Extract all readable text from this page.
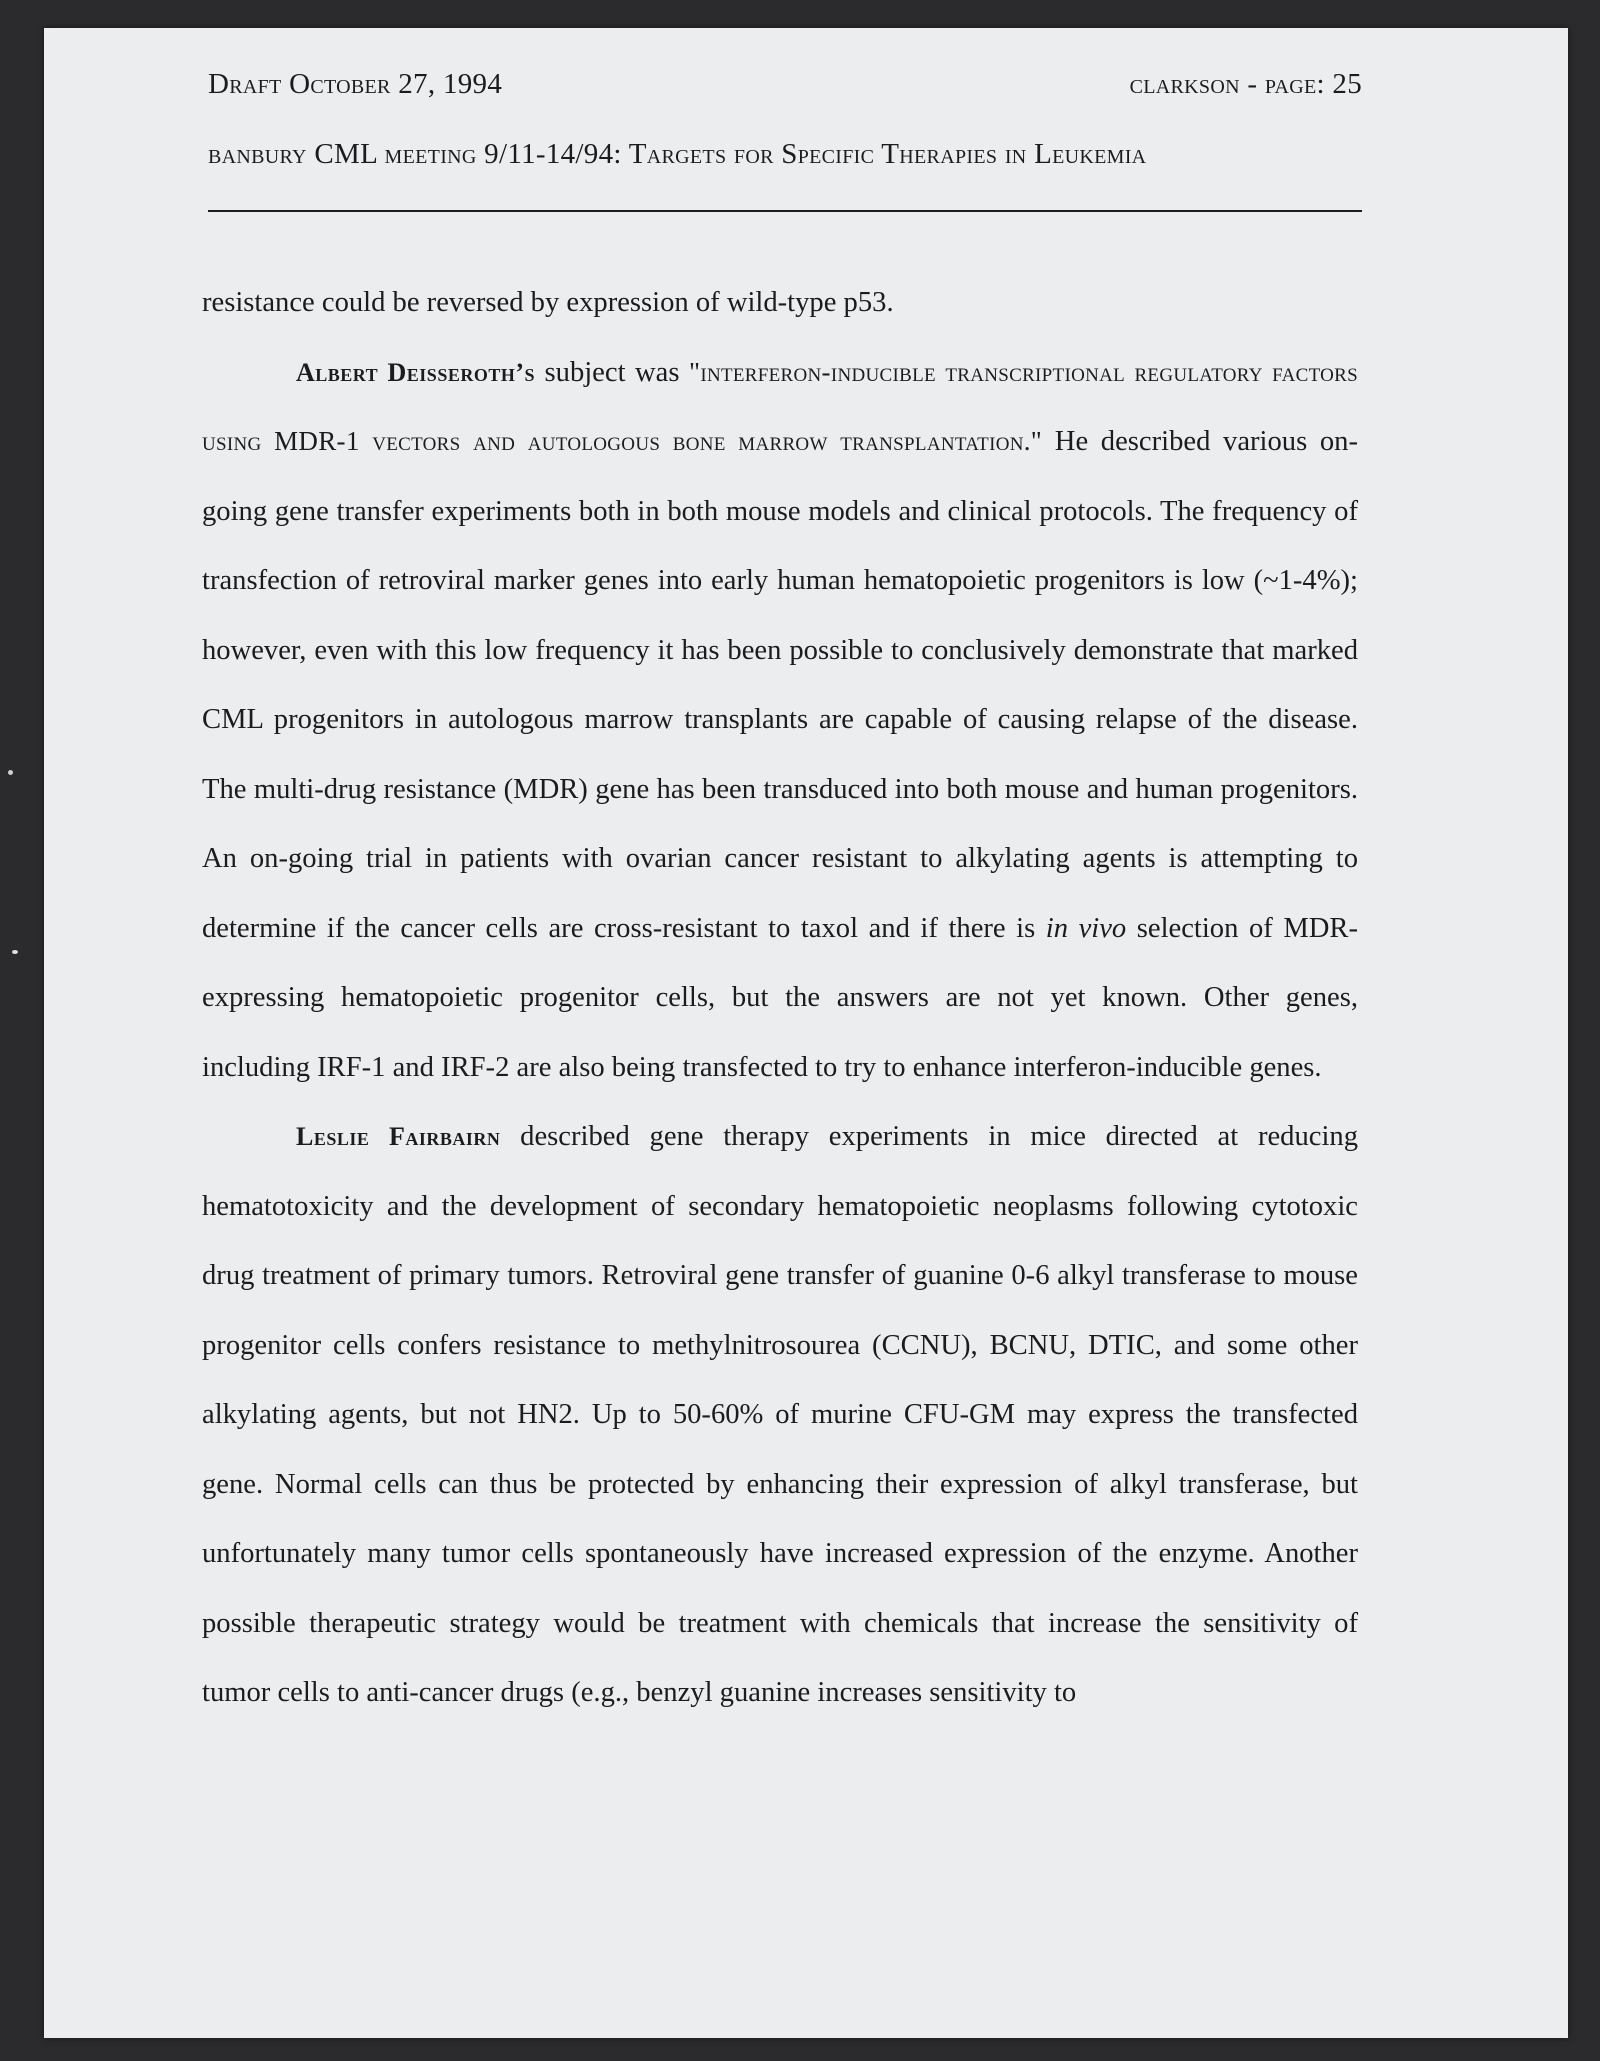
Draft October 27, 1994	clarkson - page: 25
banbury CML meeting 9/11-14/94: Targets for Specific Therapies in Leukemia

resistance could be reversed by expression of wild-type p53.

Albert Deisseroth’s subject was "interferon-inducible transcriptional regulatory factors using MDR-1 vectors and autologous bone marrow transplantation." He described various on-going gene transfer experiments both in both mouse models and clinical protocols. The frequency of transfection of retroviral marker genes into early human hematopoietic progenitors is low (~1-4%); however, even with this low frequency it has been possible to conclusively demonstrate that marked CML progenitors in autologous marrow transplants are capable of causing relapse of the disease. The multi-drug resistance (MDR) gene has been transduced into both mouse and human progenitors. An on-going trial in patients with ovarian cancer resistant to alkylating agents is attempting to determine if the cancer cells are cross-resistant to taxol and if there is in vivo selection of MDR-expressing hematopoietic progenitor cells, but the answers are not yet known. Other genes, including IRF-1 and IRF-2 are also being transfected to try to enhance interferon-inducible genes.

Leslie Fairbairn described gene therapy experiments in mice directed at reducing hematotoxicity and the development of secondary hematopoietic neoplasms following cytotoxic drug treatment of primary tumors. Retroviral gene transfer of guanine 0-6 alkyl transferase to mouse progenitor cells confers resistance to methylnitrosourea (CCNU), BCNU, DTIC, and some other alkylating agents, but not HN2. Up to 50-60% of murine CFU-GM may express the transfected gene. Normal cells can thus be protected by enhancing their expression of alkyl transferase, but unfortunately many tumor cells spontaneously have increased expression of the enzyme. Another possible therapeutic strategy would be treatment with chemicals that increase the sensitivity of tumor cells to anti-cancer drugs (e.g., benzyl guanine increases sensitivity to
